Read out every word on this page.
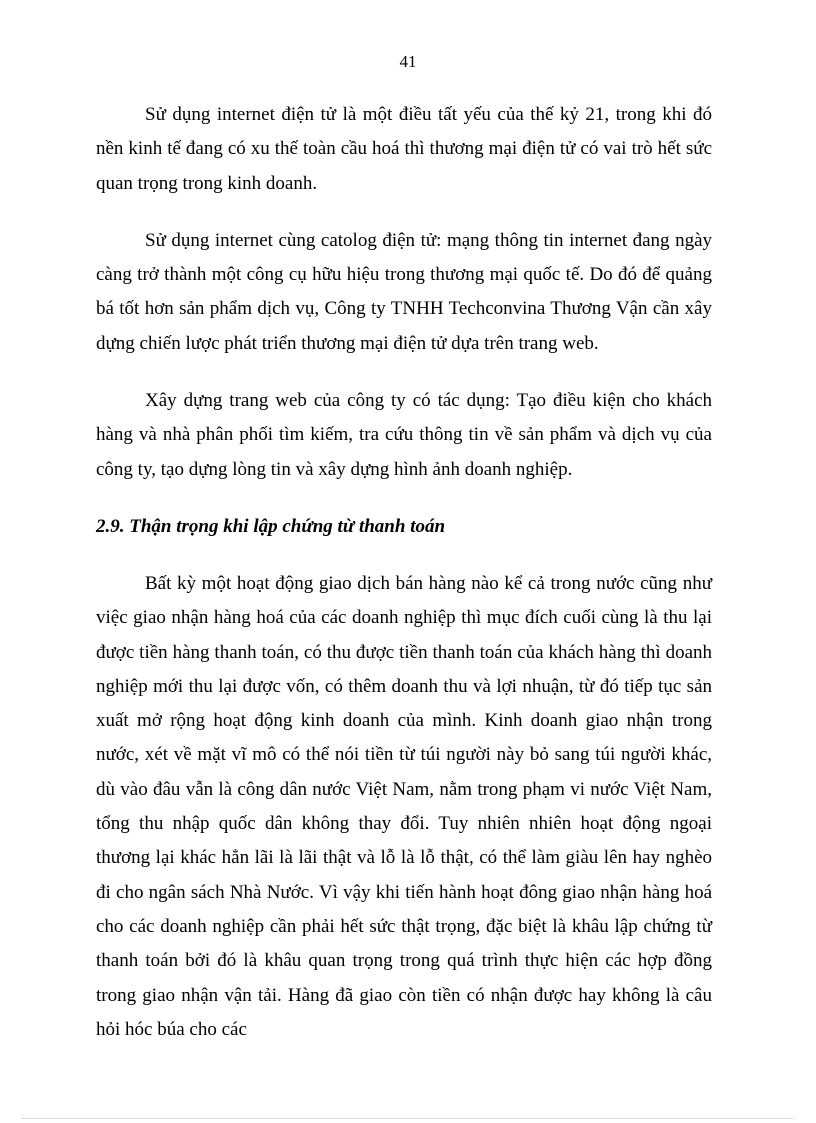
41

Sử dụng internet điện tử là một điều tất yếu của thế kỷ 21, trong khi đó nền kinh tế đang có xu thế toàn cầu hoá thì thương mại điện tử có vai trò hết sức quan trọng trong kinh doanh.

Sử dụng internet cùng catolog điện tử: mạng thông tin internet đang ngày càng trở thành một công cụ hữu hiệu trong thương mại quốc tế. Do đó để quảng bá tốt hơn sản phẩm dịch vụ, Công ty TNHH Techconvina Thương Vận cần xây dựng chiến lược phát triển thương mại điện tử dựa trên trang web.

Xây dựng trang web của công ty có tác dụng: Tạo điều kiện cho khách hàng và nhà phân phối tìm kiếm, tra cứu thông tin về sản phẩm và dịch vụ của công ty, tạo dựng lòng tin và xây dựng hình ảnh doanh nghiệp.

2.9. Thận trọng khi lập chứng từ thanh toán

Bất kỳ một hoạt động giao dịch bán hàng nào kể cả trong nước cũng như việc giao nhận hàng hoá của các doanh nghiệp thì mục đích cuối cùng là thu lại được tiền hàng thanh toán, có thu được tiền thanh toán của khách hàng thì doanh nghiệp mới thu lại được vốn, có thêm doanh thu và lợi nhuận, từ đó tiếp tục sản xuất mở rộng hoạt động kinh doanh của mình. Kinh doanh giao nhận trong nước, xét về mặt vĩ mô có thể nói tiền từ túi người này bỏ sang túi người khác, dù vào đâu vẫn là công dân nước Việt Nam, nằm trong phạm vi nước Việt Nam, tổng thu nhập quốc dân không thay đổi. Tuy nhiên nhiên hoạt động ngoại thương lại khác hẳn lãi là lãi thật và lỗ là lỗ thật, có thể làm giàu lên hay nghèo đi cho ngân sách Nhà Nước. Vì vậy khi tiến hành hoạt đông giao nhận hàng hoá cho các doanh nghiệp cần phải hết sức thật trọng, đặc biệt là khâu lập chứng từ thanh toán bởi đó là khâu quan trọng trong quá trình thực hiện các hợp đồng trong giao nhận vận tải. Hàng đã giao còn tiền có nhận được hay không là câu hỏi hóc búa cho các
